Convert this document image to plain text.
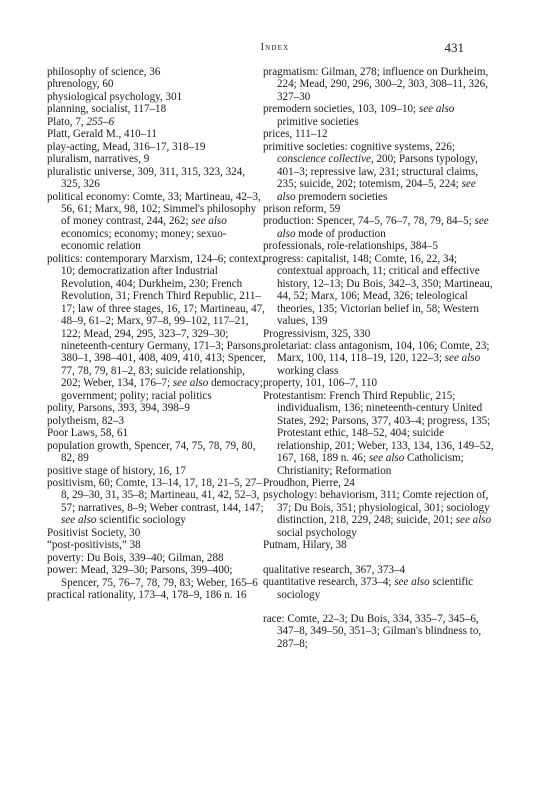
Index	431

philosophy of science, 36

phrenology, 60

physiological psychology, 301

planning, socialist, 117–18

Plato, 7, 255–6

Platt, Gerald M., 410–11

play-acting, Mead, 316–17, 318–19

pluralism, narratives, 9

pluralistic universe, 309, 311, 315, 323, 324, 325, 326

political economy: Comte, 33; Martineau, 42–3, 56, 61; Marx, 98, 102; Simmel's philosophy of money contrast, 244, 262; see also economics; economy; money; sexuo-economic relation

politics: contemporary Marxism, 124–6; context, 10; democratization after Industrial Revolution, 404; Durkheim, 230; French Revolution, 31; French Third Republic, 211–17; law of three stages, 16, 17; Martineau, 47, 48–9, 61–2; Marx, 97–8, 99–102, 117–21, 122; Mead, 294, 295, 323–7, 329–30; nineteenth-century Germany, 171–3; Parsons, 380–1, 398–401, 408, 409, 410, 413; Spencer, 77, 78, 79, 81–2, 83; suicide relationship, 202; Weber, 134, 176–7; see also democracy; government; polity; racial politics

polity, Parsons, 393, 394, 398–9

polytheism, 82–3

Poor Laws, 58, 61

population growth, Spencer, 74, 75, 78, 79, 80, 82, 89

positive stage of history, 16, 17

positivism, 60; Comte, 13–14, 17, 18, 21–5, 27–8, 29–30, 31, 35–8; Martineau, 41, 42, 52–3, 57; narratives, 8–9; Weber contrast, 144, 147; see also scientific sociology

Positivist Society, 30

“post-positivists,” 38

poverty: Du Bois, 339–40; Gilman, 288

power: Mead, 329–30; Parsons, 399–400; Spencer, 75, 76–7, 78, 79, 83; Weber, 165–6

practical rationality, 173–4, 178–9, 186 n. 16

pragmatism: Gilman, 278; influence on Durkheim, 224; Mead, 290, 296, 300–2, 303, 308–11, 326, 327–30

premodern societies, 103, 109–10; see also primitive societies

prices, 111–12

primitive societies: cognitive systems, 226; conscience collective, 200; Parsons typology, 401–3; repressive law, 231; structural claims, 235; suicide, 202; totemism, 204–5, 224; see also premodern societies

prison reform, 59

production: Spencer, 74–5, 76–7, 78, 79, 84–5; see also mode of production

professionals, role-relationships, 384–5

progress: capitalist, 148; Comte, 16, 22, 34; contextual approach, 11; critical and effective history, 12–13; Du Bois, 342–3, 350; Martineau, 44, 52; Marx, 106; Mead, 326; teleological theories, 135; Victorian belief in, 58; Western values, 139

Progressivism, 325, 330

proletariat: class antagonism, 104, 106; Comte, 23; Marx, 100, 114, 118–19, 120, 122–3; see also working class

property, 101, 106–7, 110

Protestantism: French Third Republic, 215; individualism, 136; nineteenth-century United States, 292; Parsons, 377, 403–4; progress, 135; Protestant ethic, 148–52, 404; suicide relationship, 201; Weber, 133, 134, 136, 149–52, 167, 168, 189 n. 46; see also Catholicism; Christianity; Reformation

Proudhon, Pierre, 24

psychology: behaviorism, 311; Comte rejection of, 37; Du Bois, 351; physiological, 301; sociology distinction, 218, 229, 248; suicide, 201; see also social psychology

Putnam, Hilary, 38

qualitative research, 367, 373–4

quantitative research, 373–4; see also scientific sociology

race: Comte, 22–3; Du Bois, 334, 335–7, 345–6, 347–8, 349–50, 351–3; Gilman's blindness to, 287–8;
